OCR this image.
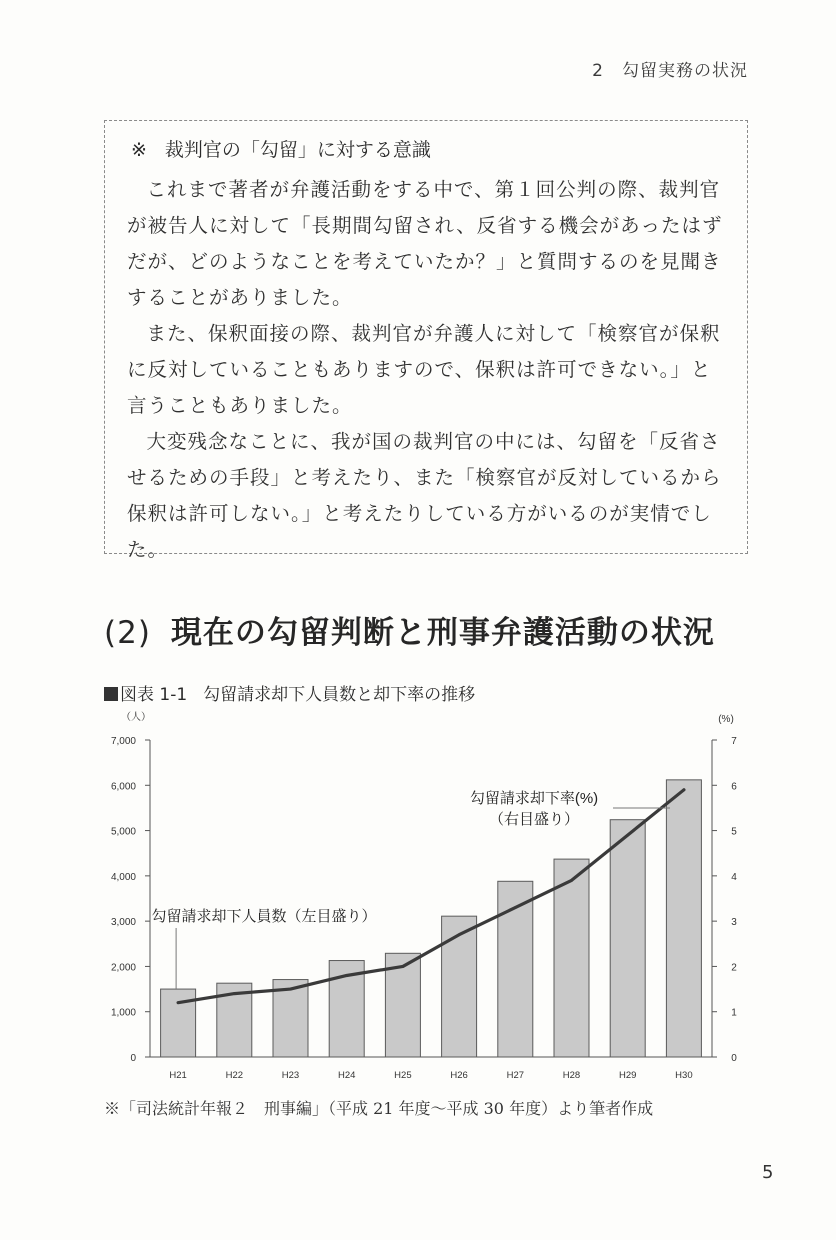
2　勾留実務の状況
※ 裁判官の「勾留」に対する意識

これまで著者が弁護活動をする中で、第１回公判の際、裁判官が被告人に対して「長期間勾留され、反省する機会があったはずだが、どのようなことを考えていたか？」と質問するのを見聞きすることがありました。

また、保釈面接の際、裁判官が弁護人に対して「検察官が保釈に反対していることもありますので、保釈は許可できない。」と言うこともありました。

大変残念なことに、我が国の裁判官の中には、勾留を「反省させるための手段」と考えたり、また「検察官が反対しているから保釈は許可しない。」と考えたりしている方がいるのが実情でした。

(2) 現在の勾留判断と刑事弁護活動の状況
図表 1-1 勾留請求却下人員数と却下率の推移
0
1,000
2,000
3,000
4,000
5,000
6,000
7,000
0
1
2
3
4
5
6
7
（人）	(%)
H21	H22	H23	H24	H25	H26	H27	H28	H29	H30
勾留請求却下人員数（左目盛り）
勾留請求却下率(%)
（右目盛り）
※「司法統計年報２　刑事編」（平成 21 年度～平成 30 年度）より筆者作成
5
